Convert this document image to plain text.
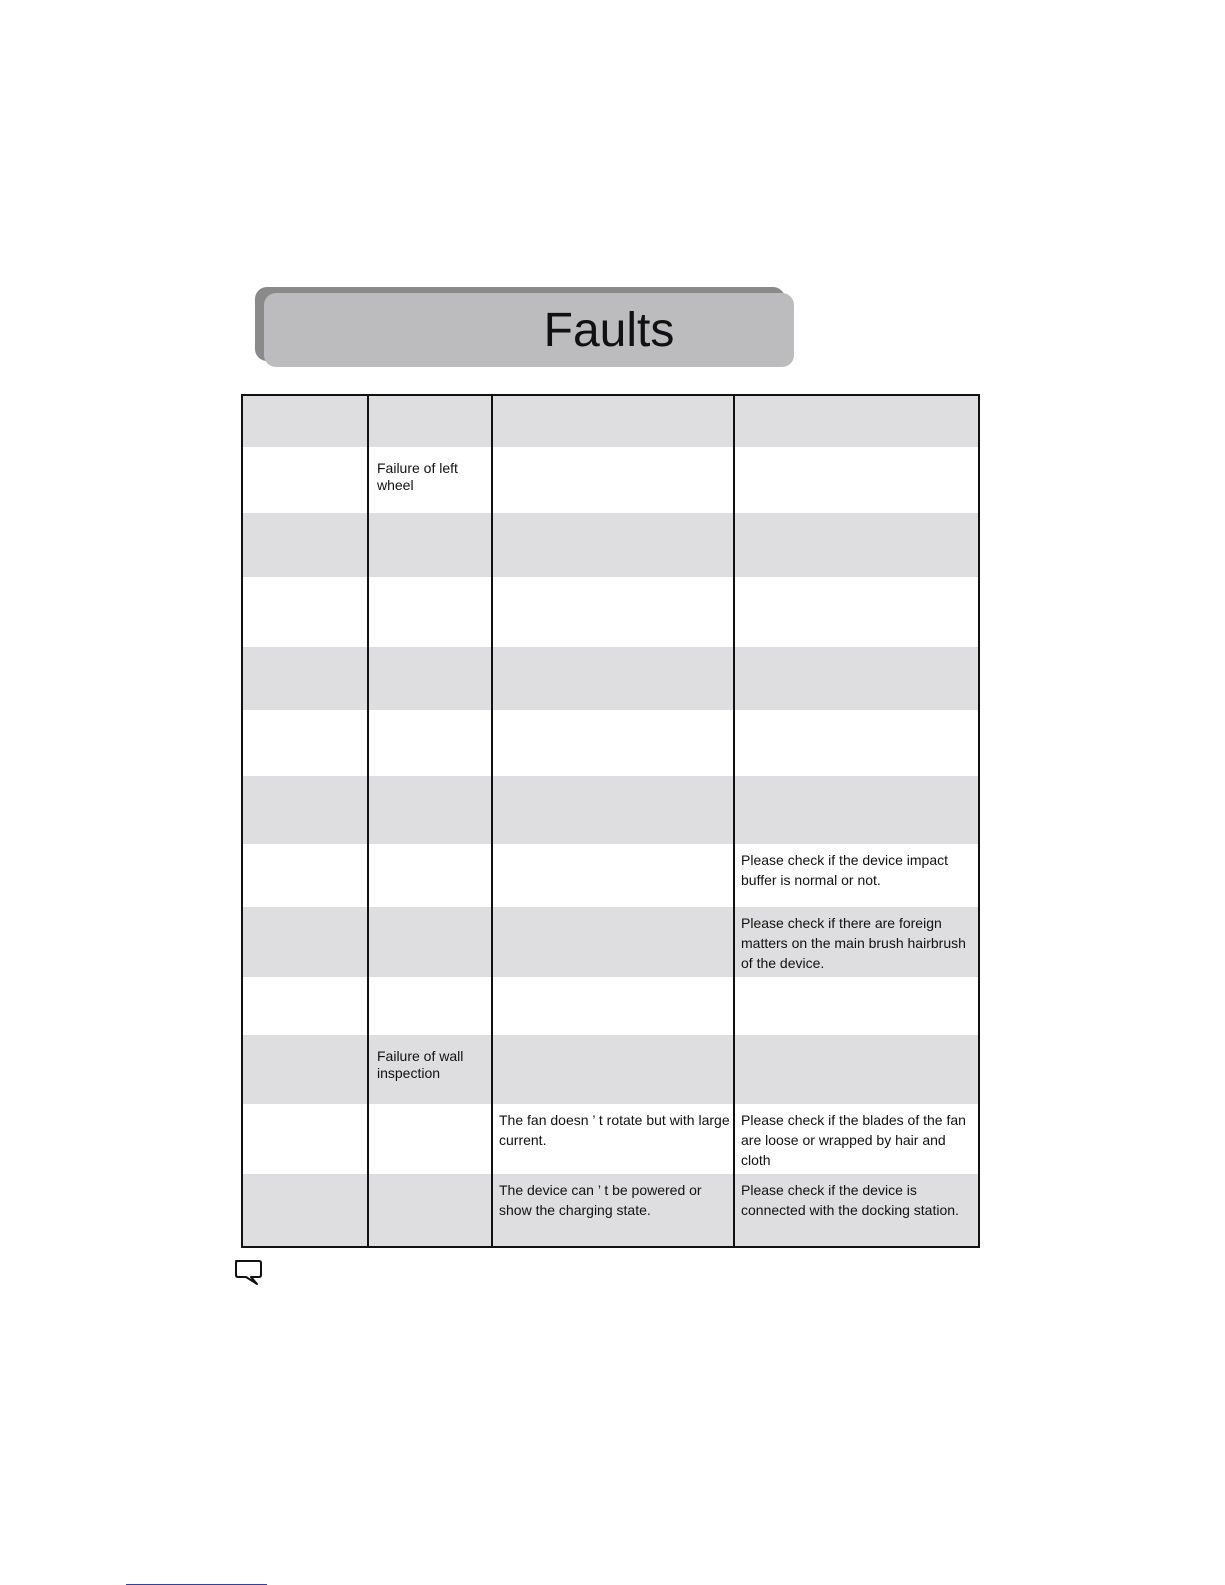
Faults

	Failure of left wheel		

			Please check if the device impact buffer is normal or not.
			Please check if there are foreign matters on the main brush hairbrush of the device.

	Failure of wall inspection		
		The fan doesn ’ t rotate but with large current.	Please check if the blades of the fan are loose or wrapped by hair and cloth
		The device can ’ t be powered or show the charging state.	Please check if the device is connected with the docking station.
